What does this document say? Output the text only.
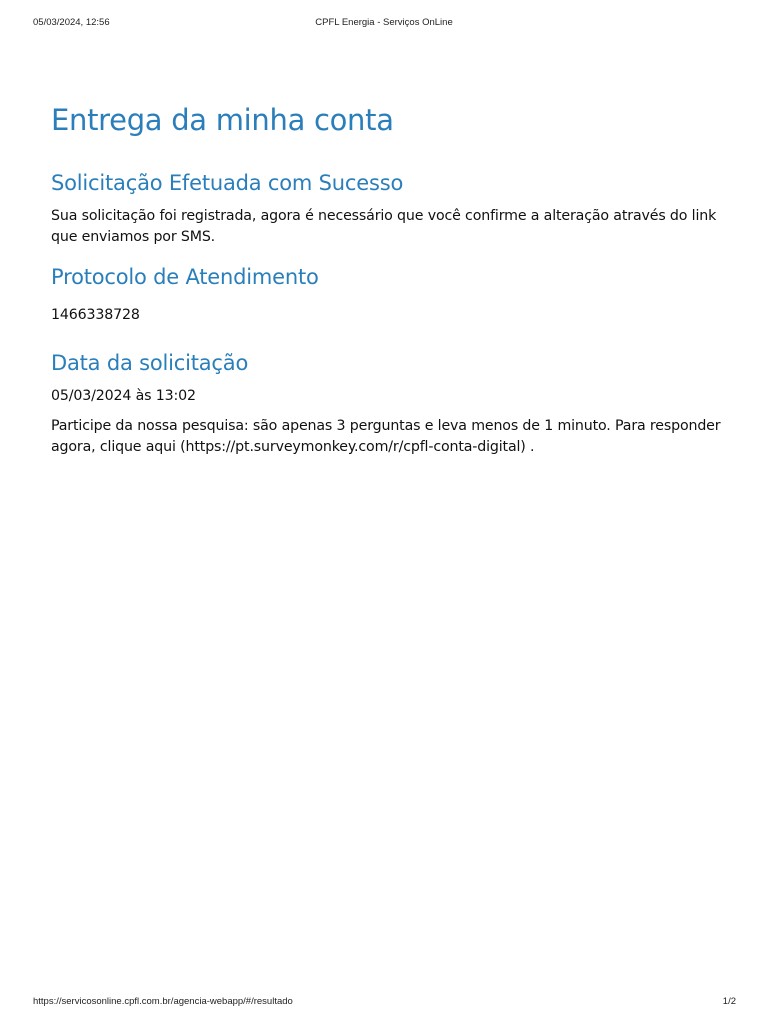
05/03/2024, 12:56	CPFL Energia - Serviços OnLine
Entrega da minha conta
Solicitação Efetuada com Sucesso

Sua solicitação foi registrada, agora é necessário que você confirme a alteração através do link que enviamos por SMS.

Protocolo de Atendimento

1466338728

Data da solicitação

05/03/2024 às 13:02

Participe da nossa pesquisa: são apenas 3 perguntas e leva menos de 1 minuto. Para responder agora, clique aqui (https://pt.surveymonkey.com/r/cpfl-conta-digital) .

https://servicosonline.cpfl.com.br/agencia-webapp/#/resultado	1/2
